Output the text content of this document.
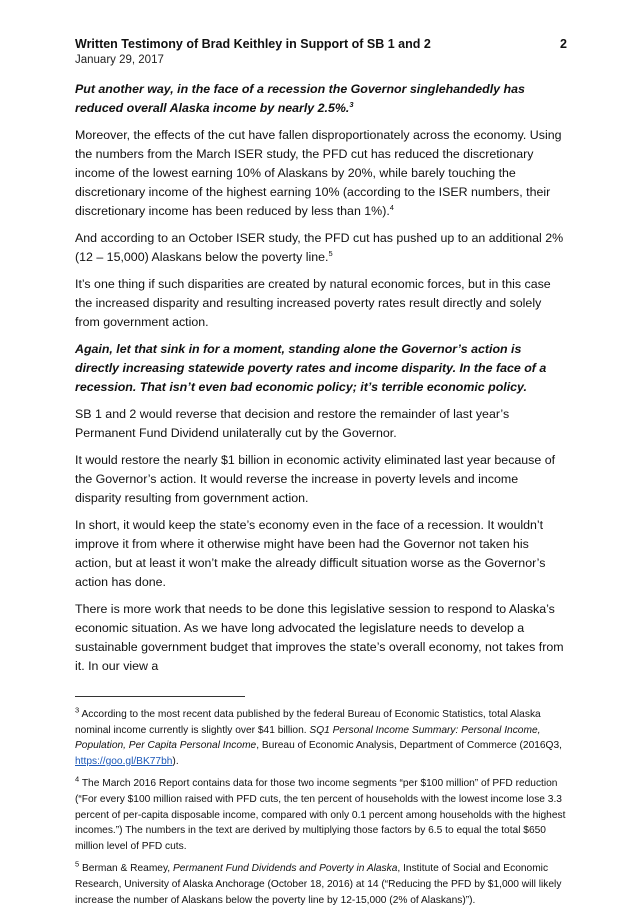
Written Testimony of Brad Keithley in Support of SB 1 and 2	2
January 29, 2017

Put another way, in the face of a recession the Governor singlehandedly has reduced overall Alaska income by nearly 2.5%.$^3$

Moreover, the effects of the cut have fallen disproportionately across the economy. Using the numbers from the March ISER study, the PFD cut has reduced the discretionary income of the lowest earning 10% of Alaskans by 20%, while barely touching the discretionary income of the highest earning 10% (according to the ISER numbers, their discretionary income has been reduced by less than 1%).$^4$

And according to an October ISER study, the PFD cut has pushed up to an additional 2% (12 – 15,000) Alaskans below the poverty line.$^5$

It’s one thing if such disparities are created by natural economic forces, but in this case the increased disparity and resulting increased poverty rates result directly and solely from government action.

Again, let that sink in for a moment, standing alone the Governor’s action is directly increasing statewide poverty rates and income disparity. In the face of a recession. That isn’t even bad economic policy; it’s terrible economic policy.

SB 1 and 2 would reverse that decision and restore the remainder of last year’s Permanent Fund Dividend unilaterally cut by the Governor.

It would restore the nearly $1 billion in economic activity eliminated last year because of the Governor’s action. It would reverse the increase in poverty levels and income disparity resulting from government action.

In short, it would keep the state’s economy even in the face of a recession. It wouldn’t improve it from where it otherwise might have been had the Governor not taken his action, but at least it won’t make the already difficult situation worse as the Governor’s action has done.

There is more work that needs to be done this legislative session to respond to Alaska’s economic situation. As we have long advocated the legislature needs to develop a sustainable government budget that improves the state’s overall economy, not takes from it. In our view a

$^3$ According to the most recent data published by the federal Bureau of Economic Statistics, total Alaska nominal income currently is slightly over $41 billion. SQ1 Personal Income Summary: Personal Income, Population, Per Capita Personal Income, Bureau of Economic Analysis, Department of Commerce (2016Q3, https://goo.gl/BK77bh).

$^4$ The March 2016 Report contains data for those two income segments “per $100 million” of PFD reduction (“For every $100 million raised with PFD cuts, the ten percent of households with the lowest income lose 3.3 percent of per-capita disposable income, compared with only 0.1 percent among households with the highest incomes.”) The numbers in the text are derived by multiplying those factors by 6.5 to equal the total $650 million level of PFD cuts.

$^5$ Berman & Reamey, Permanent Fund Dividends and Poverty in Alaska, Institute of Social and Economic Research, University of Alaska Anchorage (October 18, 2016) at 14 (“Reducing the PFD by $1,000 will likely increase the number of Alaskans below the poverty line by 12-15,000 (2% of Alaskans)”).
